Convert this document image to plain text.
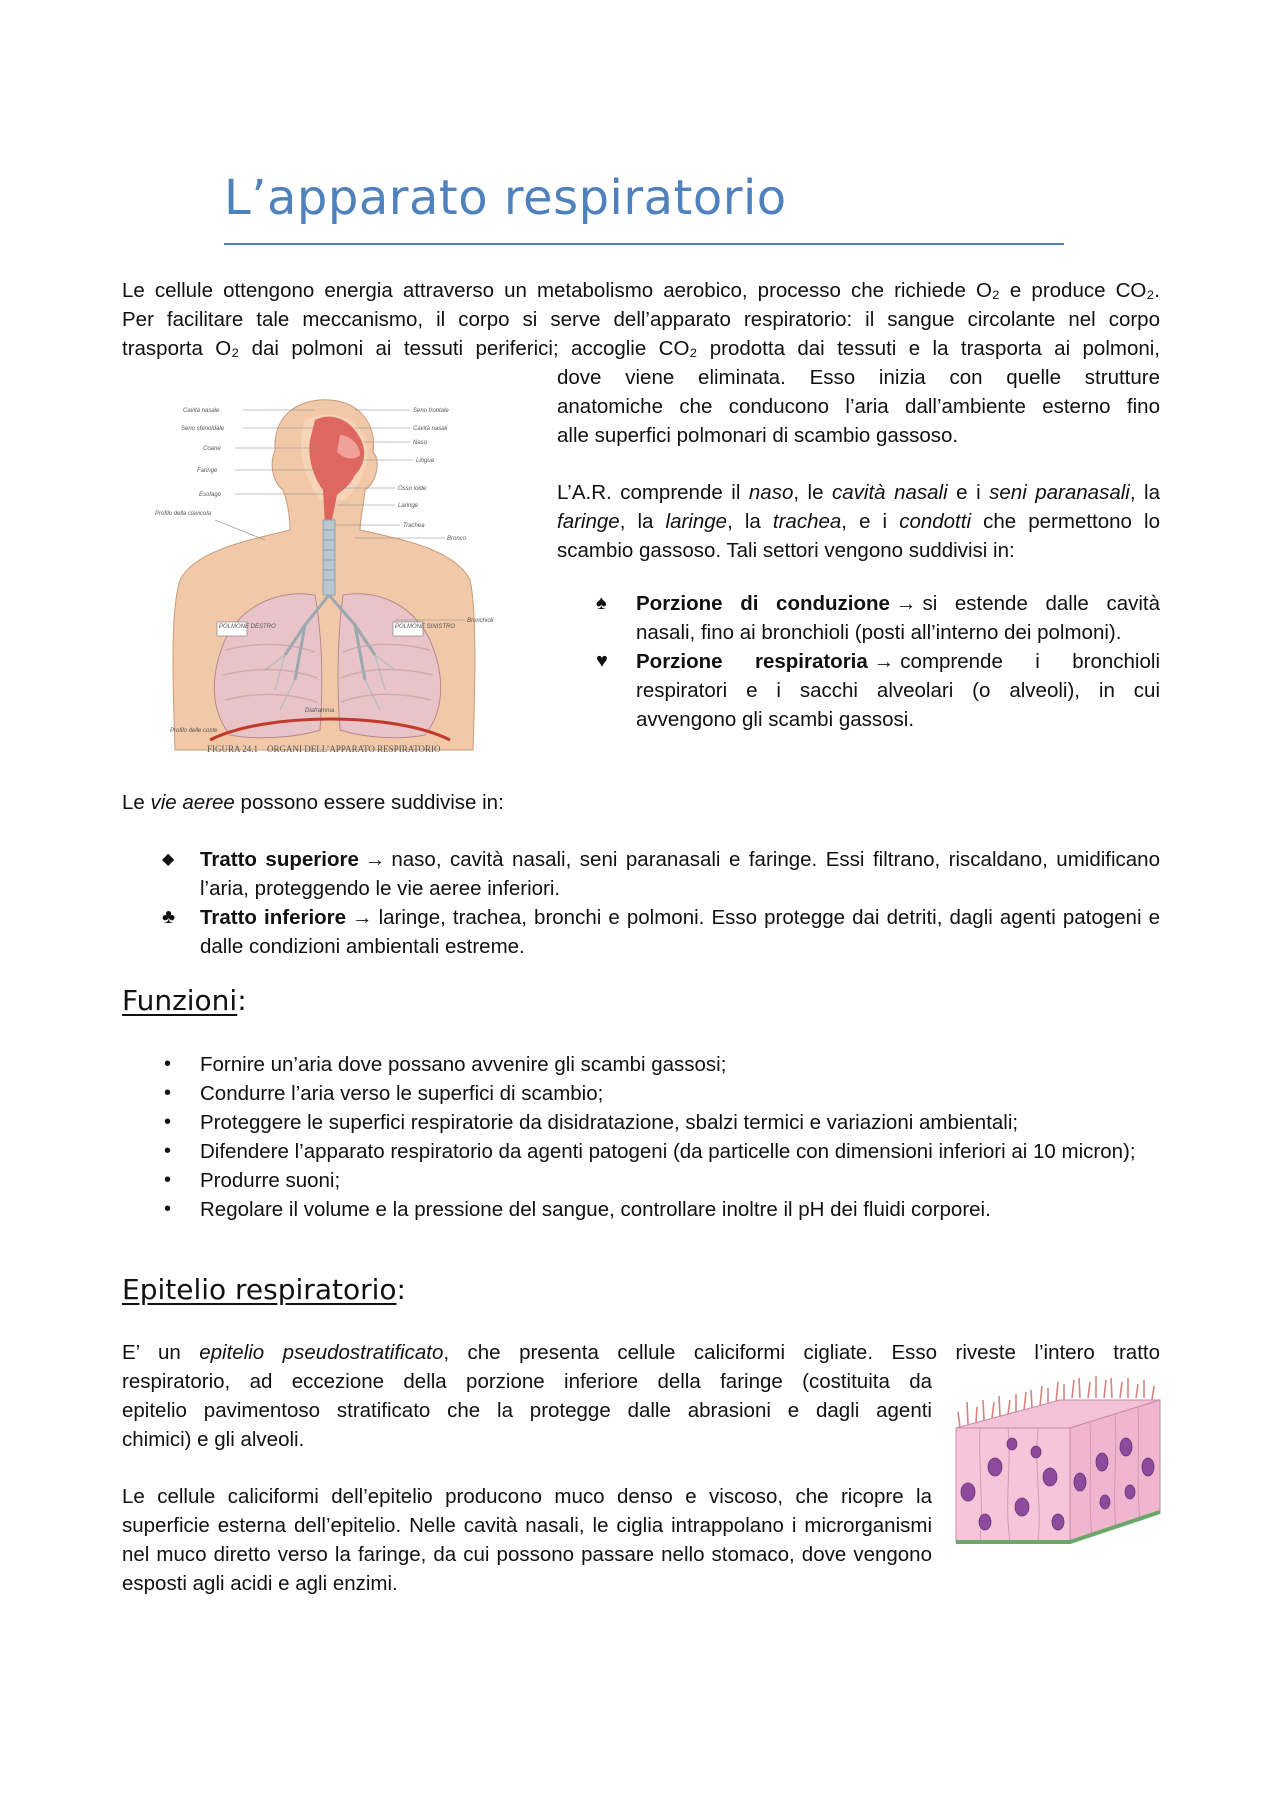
L’apparato respiratorio
Le cellule ottengono energia attraverso un metabolismo aerobico, processo che richiede O₂ e produce CO₂.
Per facilitare tale meccanismo, il corpo si serve dell’apparato respiratorio: il sangue circolante nel corpo
trasporta O₂ dai polmoni ai tessuti periferici; accoglie CO₂ prodotta dai tessuti e la trasporta ai polmoni,
dove viene eliminata. Esso inizia con quelle strutture
anatomiche che conducono l’aria dall’ambiente esterno fino
alle superfici polmonari di scambio gassoso.
POLMONE DESTRO	POLMONE SINISTRO
Cavità nasale
Seno sfenoidale
Coane
Faringe
Esofago
Profilo della clavicola
Seno frontale
Cavità nasali
Naso
Lingua
Osso ioide
Laringe
Trachea
Bronco
Bronchioli
Diaframma
Profilo delle coste
FIGURA 24.1 ORGANI DELL’APPARATO RESPIRATORIO
L’A.R. comprende il naso, le cavità nasali e i seni paranasali, la faringe, la laringe, la trachea, e i condotti che permettono lo scambio gassoso. Tali settori vengono suddivisi in:
♠ Porzione di conduzione → si estende dalle cavità nasali, fino ai bronchioli (posti all’interno dei polmoni).
♥ Porzione respiratoria → comprende i bronchioli respiratori e i sacchi alveolari (o alveoli), in cui avvengono gli scambi gassosi.
Le vie aeree possono essere suddivise in:
◆ Tratto superiore → naso, cavità nasali, seni paranasali e faringe. Essi filtrano, riscaldano, umidificano l’aria, proteggendo le vie aeree inferiori.
♣ Tratto inferiore → laringe, trachea, bronchi e polmoni. Esso protegge dai detriti, dagli agenti patogeni e dalle condizioni ambientali estreme.
Funzioni:
• Fornire un’aria dove possano avvenire gli scambi gassosi;
• Condurre l’aria verso le superfici di scambio;
• Proteggere le superfici respiratorie da disidratazione, sbalzi termici e variazioni ambientali;
• Difendere l’apparato respiratorio da agenti patogeni (da particelle con dimensioni inferiori ai 10 micron);
• Produrre suoni;
• Regolare il volume e la pressione del sangue, controllare inoltre il pH dei fluidi corporei.
Epitelio respiratorio:
E’ un epitelio pseudostratificato, che presenta cellule caliciformi cigliate. Esso riveste l’intero tratto
respiratorio, ad eccezione della porzione inferiore della faringe (costituita da
epitelio pavimentoso stratificato che la protegge dalle abrasioni e dagli agenti
chimici) e gli alveoli.
Le cellule caliciformi dell’epitelio producono muco denso e viscoso, che ricopre la superficie esterna dell’epitelio. Nelle cavità nasali, le ciglia intrappolano i microrganismi nel muco diretto verso la faringe, da cui possono passare nello stomaco, dove vengono esposti agli acidi e agli enzimi.
